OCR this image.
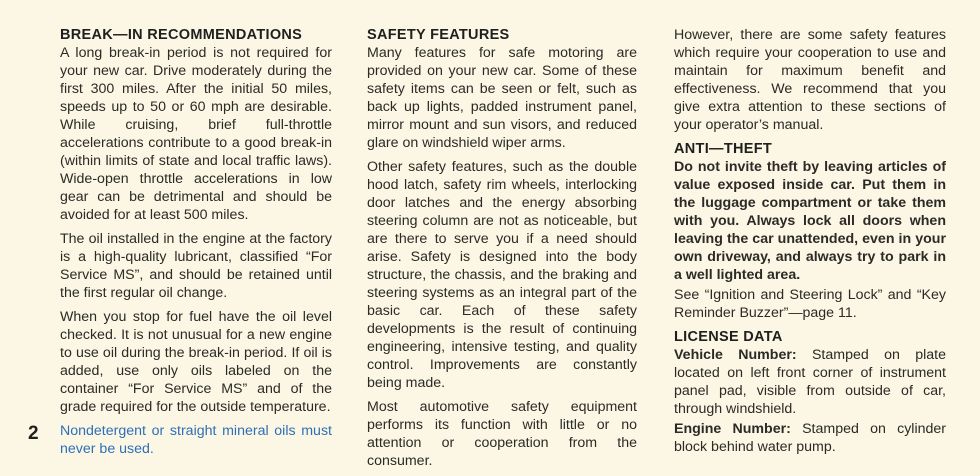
BREAK—IN RECOMMENDATIONS

A long break-in period is not required for your new car. Drive moderately during the first 300 miles. After the initial 50 miles, speeds up to 50 or 60 mph are desirable. While cruising, brief full-throttle accelerations contribute to a good break-in (within limits of state and local traffic laws). Wide-open throttle accelerations in low gear can be detrimental and should be avoided for at least 500 miles.

The oil installed in the engine at the factory is a high-quality lubricant, classified “For Service MS”, and should be retained until the first regular oil change.

When you stop for fuel have the oil level checked. It is not unusual for a new engine to use oil during the break-in period. If oil is added, use only oils labeled on the container “For Service MS” and of the grade required for the outside temperature.

Nondetergent or straight mineral oils must never be used.

SAFETY FEATURES

Many features for safe motoring are provided on your new car. Some of these safety items can be seen or felt, such as back up lights, padded instrument panel, mirror mount and sun visors, and reduced glare on windshield wiper arms.

Other safety features, such as the double hood latch, safety rim wheels, interlocking door latches and the energy absorbing steering column are not as noticeable, but are there to serve you if a need should arise. Safety is designed into the body structure, the chassis, and the braking and steering systems as an integral part of the basic car. Each of these safety developments is the result of continuing engineering, intensive testing, and quality control. Improvements are constantly being made.

Most automotive safety equipment performs its function with little or no attention or cooperation from the consumer.

However, there are some safety features which require your cooperation to use and maintain for maximum benefit and effectiveness. We recommend that you give extra attention to these sections of your operator’s manual.

ANTI—THEFT

Do not invite theft by leaving articles of value exposed inside car. Put them in the luggage compartment or take them with you. Always lock all doors when leaving the car unattended, even in your own driveway, and always try to park in a well lighted area.

See “Ignition and Steering Lock” and “Key Reminder Buzzer”—page 11.

LICENSE DATA

Vehicle Number: Stamped on plate located on left front corner of instrument panel pad, visible from outside of car, through windshield.

Engine Number: Stamped on cylinder block behind water pump.

2
